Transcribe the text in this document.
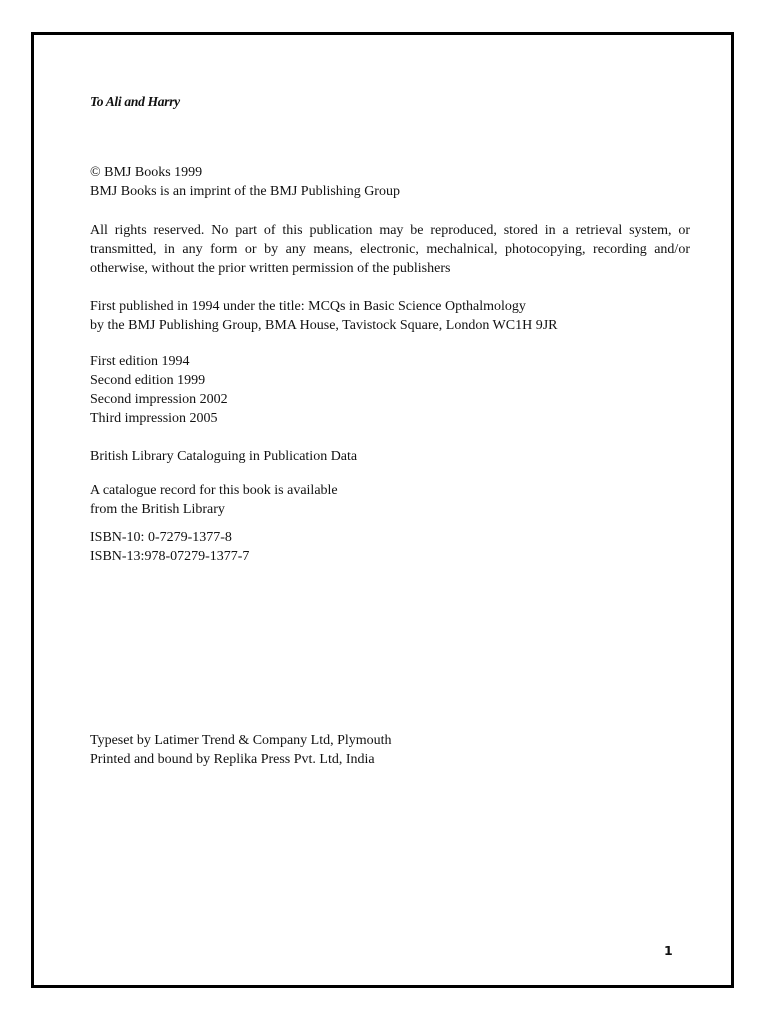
To Ali and Harry
© BMJ Books 1999
BMJ Books is an imprint of the BMJ Publishing Group
All rights reserved. No part of this publication may be reproduced, stored in a retrieval system, or transmitted, in any form or by any means, electronic, mechalnical, photocopying, recording and/or otherwise, without the prior written permission of the publishers
First published in 1994 under the title: MCQs in Basic Science Opthalmology
by the BMJ Publishing Group, BMA House, Tavistock Square, London WC1H 9JR
First edition 1994
Second edition 1999
Second impression 2002
Third impression 2005
British Library Cataloguing in Publication Data
A catalogue record for this book is available
from the British Library
ISBN-10: 0-7279-1377-8
ISBN-13:978-07279-1377-7
Typeset by Latimer Trend & Company Ltd, Plymouth
Printed and bound by Replika Press Pvt. Ltd, India
1
